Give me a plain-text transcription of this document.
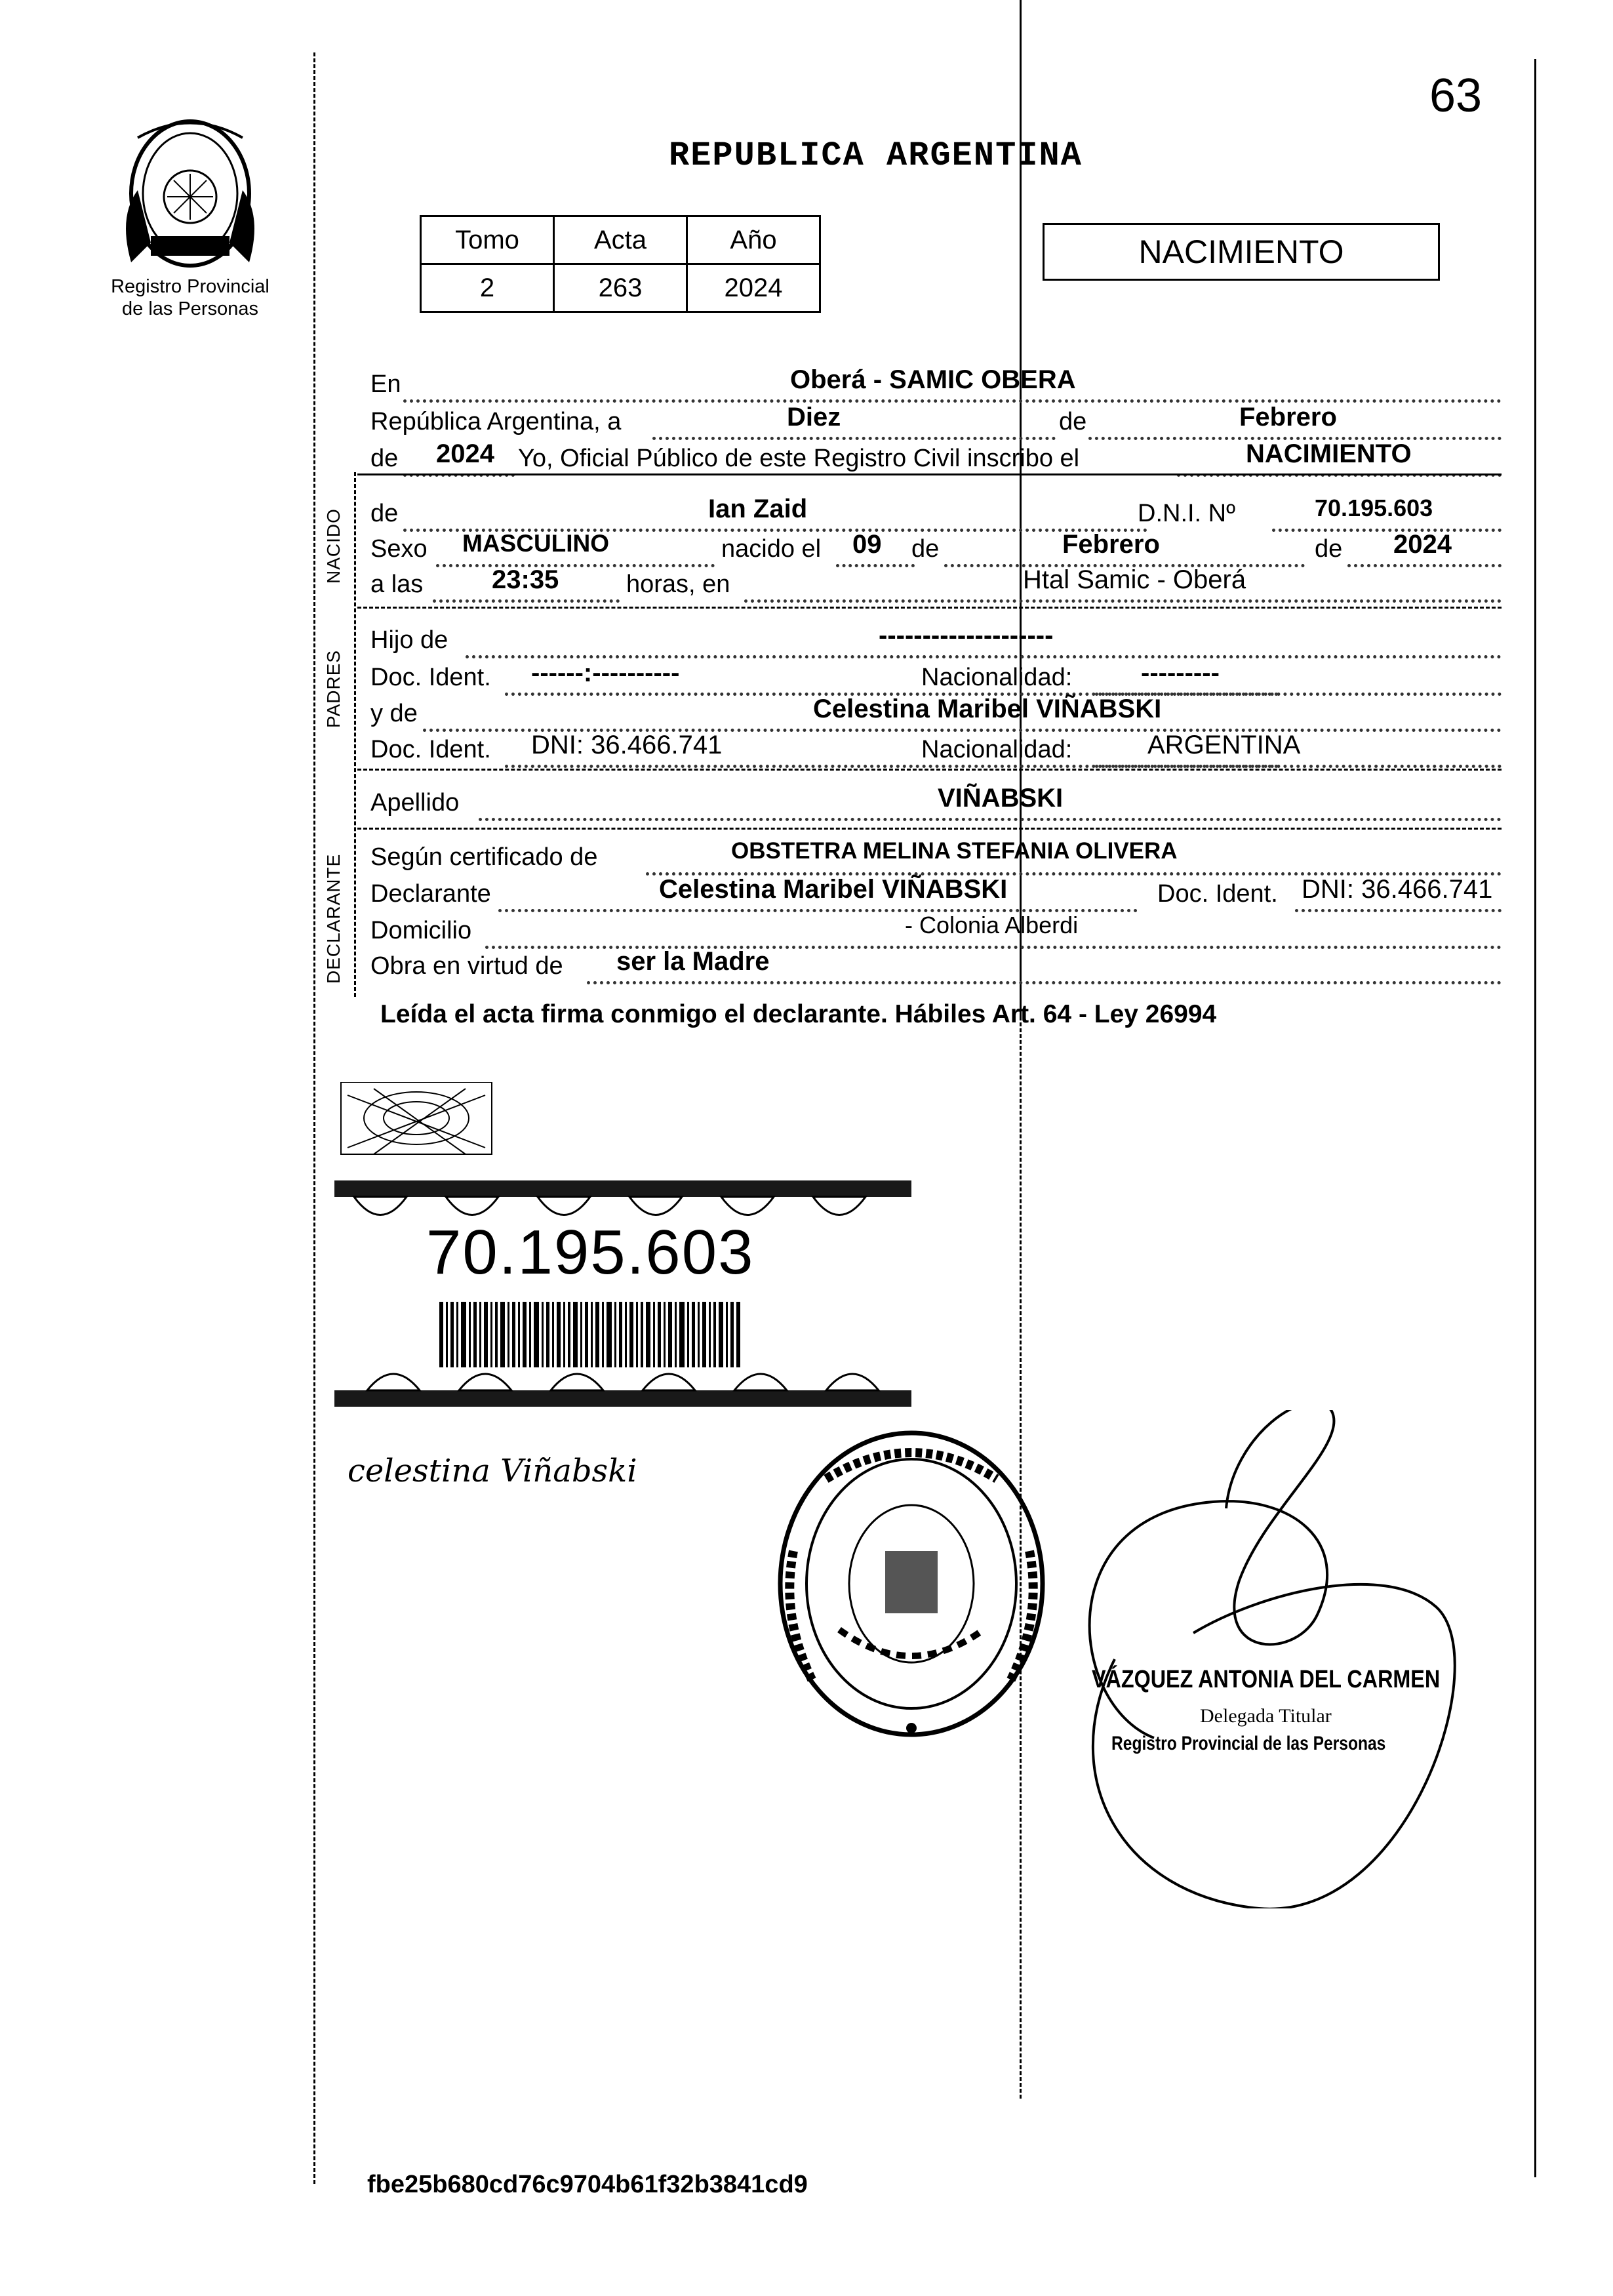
63
Registro Provincial
de las Personas
REPUBLICA ARGENTINA
Tomo	Acta	Año
2	263	2024
NACIMIENTO
En	Oberá - SAMIC OBERA
República Argentina, a	Diez	de	Febrero
de 2024 Yo, Oficial Público de este Registro Civil inscribo el	NACIMIENTO
NACIDO de	Ian Zaid	D.N.I. Nº	70.195.603
Sexo MASCULINO	nacido el 09 de	Febrero	de 2024
a las	23:35	horas, en	Htal Samic - Oberá
PADRES
Hijo de	--------------------
Doc. Ident. ------:----------	Nacionalidad:	---------
y de	Celestina Maribel VIÑABSKI
Doc. Ident. DNI: 36.466.741	Nacionalidad:	ARGENTINA
Apellido	VIÑABSKI
DECLARANTE Según certificado de	OBSTETRA MELINA STEFANIA OLIVERA
Declarante	Celestina Maribel VIÑABSKI	Doc. Ident. DNI: 36.466.741
Domicilio	- Colonia Alberdi
Obra en virtud de ser la Madre
Leída el acta firma conmigo el declarante. Hábiles Art. 64 - Ley 26994
70.195.603
celestina Viñabski
VÁZQUEZ ANTONIA DEL CARMEN
Delegada Titular
Registro Provincial de las Personas
fbe25b680cd76c9704b61f32b3841cd9
